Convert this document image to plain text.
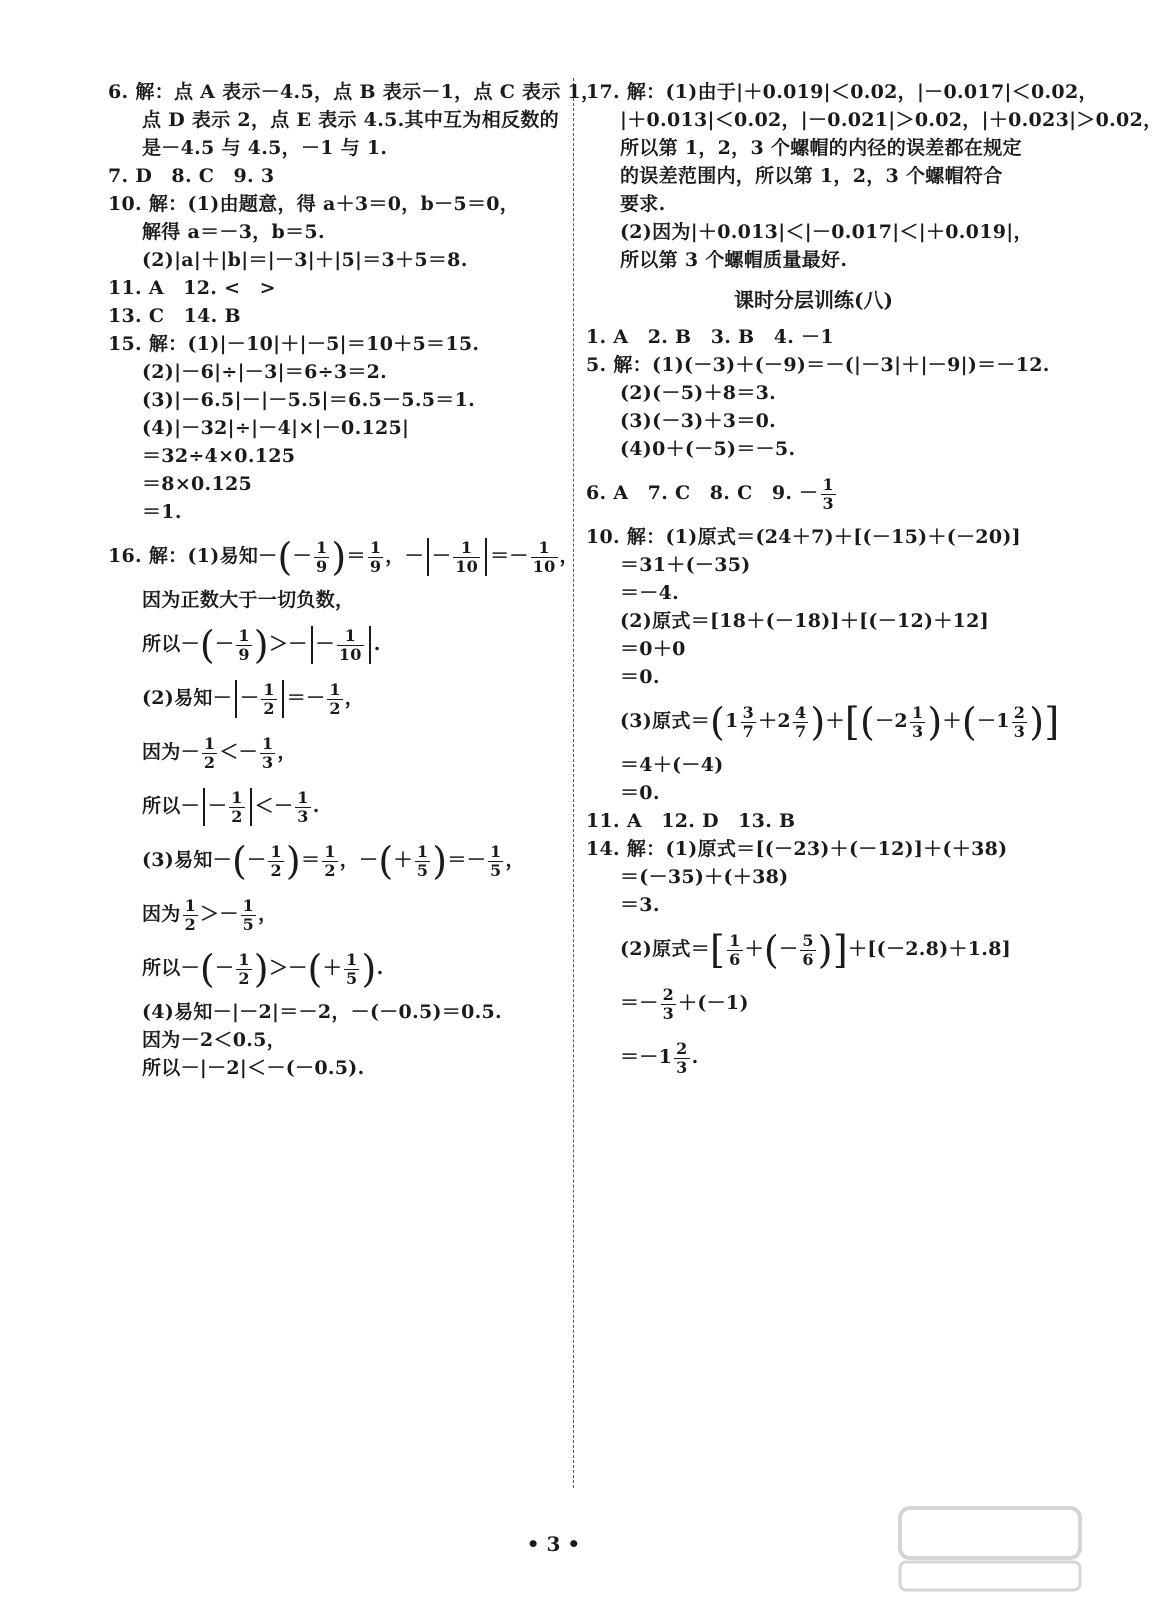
6. 解：点 A 表示－4.5，点 B 表示－1，点 C 表示 1，
点 D 表示 2，点 E 表示 4.5.其中互为相反数的
是－4.5 与 4.5，－1 与 1.
7. D　8. C　9. 3
10. 解：(1)由题意，得 a＋3＝0，b－5＝0，
解得 a＝－3，b＝5.
(2)|a|＋|b|＝|－3|＋|5|＝3＋5＝8.
11. A　12. <　>
13. C　14. B
15. 解：(1)|－10|＋|－5|＝10＋5＝15.
(2)|－6|÷|－3|＝6÷3＝2.
(3)|－6.5|－|－5.5|＝6.5－5.5＝1.
(4)|－32|÷|－4|×|－0.125|
＝32÷4×0.125
＝8×0.125
＝1.
16. 解：(1)易知－(－ $\frac{1}{9}$ )＝ $\frac{1}{9}$ ，－ － $\frac{1}{10} =- \frac{1}{10}$ ，
因为正数大于一切负数，
所以－(－ $\frac{1}{9}$ )＞－ － $\frac{1}{10}$ .
(2)易知－ － $\frac{1}{2} =- \frac{1}{2}$ ，
因为－ $\frac{1}{2} <- \frac{1}{3}$ ，
所以－ － $\frac{1}{2} <- \frac{1}{3}$ .
(3)易知－(－ $\frac{1}{2}$ )＝ $\frac{1}{2}$ ，－(＋ $\frac{1}{5}$ )＝－ $\frac{1}{5}$ ，
因为 $\frac{1}{2} >- \frac{1}{5}$ ，
所以－(－ $\frac{1}{2}$ )＞－(＋ $\frac{1}{5}$ ).
(4)易知－|－2|＝－2，－(－0.5)＝0.5.
因为－2＜0.5，
所以－|－2|＜－(－0.5).
17. 解：(1)由于|＋0.019|＜0.02，|－0.017|＜0.02，
|＋0.013|＜0.02，|－0.021|＞0.02，|＋0.023|＞0.02，
所以第 1，2，3 个螺帽的内径的误差都在规定
的误差范围内，所以第 1，2，3 个螺帽符合
要求.
(2)因为|＋0.013|＜|－0.017|＜|＋0.019|，
所以第 3 个螺帽质量最好.
课时分层训练(八)
1. A　2. B　3. B　4. －1
5. 解：(1)(－3)＋(－9)＝－(|－3|＋|－9|)＝－12.
(2)(－5)＋8＝3.
(3)(－3)＋3＝0.
(4)0＋(－5)＝－5.
6. A　7. C　8. C　9. － $\frac{1}{3}$
10. 解：(1)原式＝(24＋7)＋[(－15)＋(－20)]
＝31＋(－35)
＝－4.
(2)原式＝[18＋(－18)]＋[(－12)＋12]
＝0＋0
＝0.
(3)原式$=(1 \frac{3}{7} +2 \frac{4}{7} )+[(-2 \frac{1}{3} )+(-1 \frac{2}{3}$ )]
＝4＋(－4)
＝0.
11. A　12. D　13. B
14. 解：(1)原式＝[(－23)＋(－12)]＋(＋38)
＝(－35)＋(＋38)
＝3.
(2)原式＝[ $\frac{1}{6}$ ＋(－ $\frac{5}{6} )]+[(-2.8)+1.8]$
＝－ $\frac{2}{3} +(-1)$
$=-1 \frac{2}{3}$ .
• 3 •
